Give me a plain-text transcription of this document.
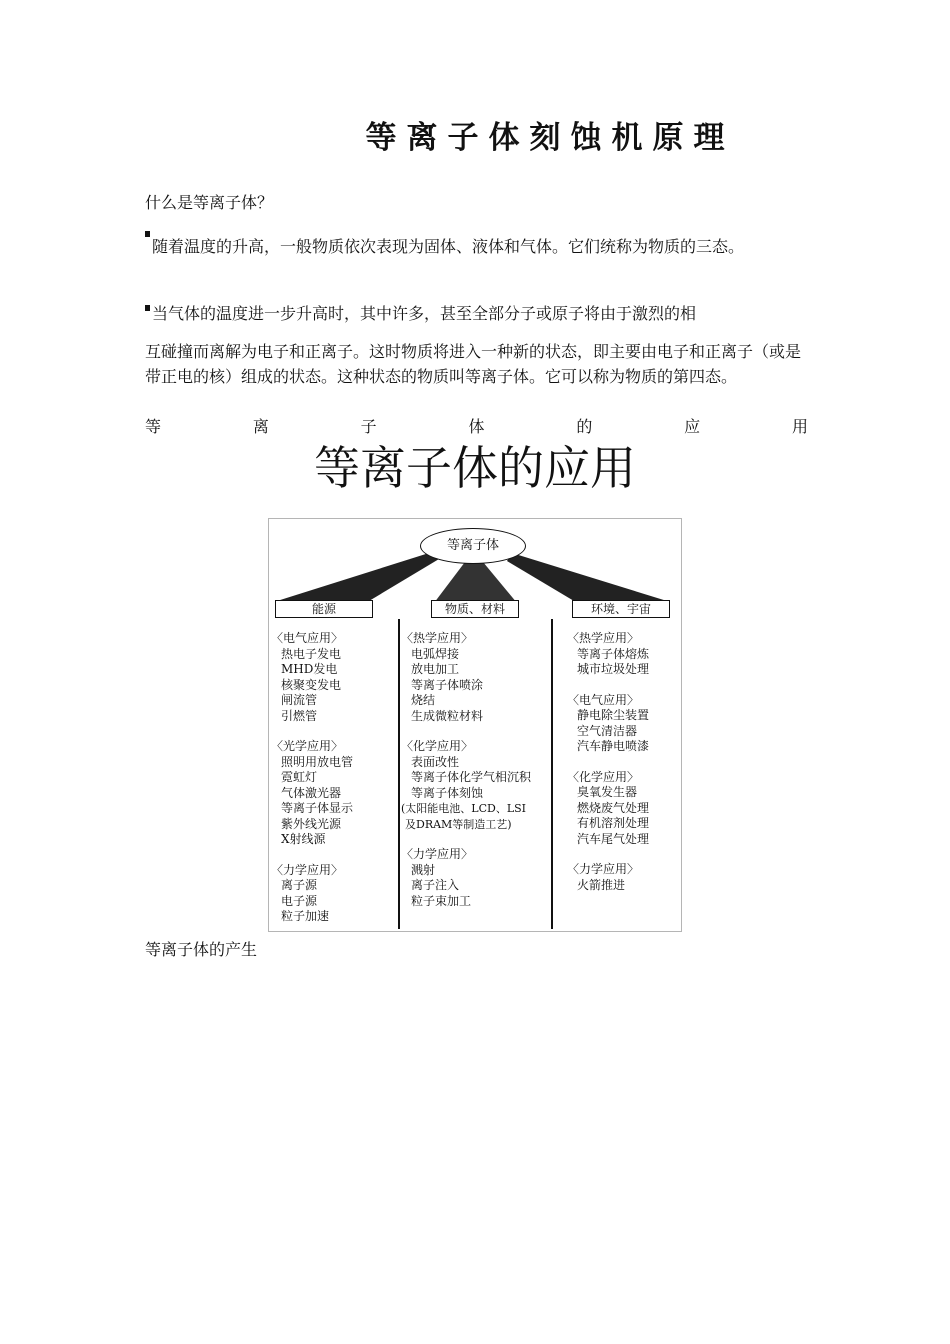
等离子体刻蚀机原理
什么是等离子体？
随着温度的升高，一般物质依次表现为固体、液体和气体。它们统称为物质的三态。
当气体的温度进一步升高时，其中许多，甚至全部分子或原子将由于激烈的相
互碰撞而离解为电子和正离子。这时物质将进入一种新的状态，即主要由电子和正离子（或是带正电的核）组成的状态。这种状态的物质叫等离子体。它可以称为物质的第四态。
等	离	子	体	的	应	用
等离子体的应用
等离子体
能源	物质、材料	环境、宇宙
〈电气应用〉
热电子发电
MHD发电
核聚变发电
闸流管
引燃管
〈光学应用〉
照明用放电管
霓虹灯
气体激光器
等离子体显示
紫外线光源
X射线源
〈力学应用〉
离子源
电子源
粒子加速
〈热学应用〉
电弧焊接
放电加工
等离子体喷涂
烧结
生成微粒材料
〈化学应用〉
表面改性
等离子体化学气相沉积
等离子体刻蚀
(太阳能电池、LCD、LSI
及DRAM等制造工艺)
〈力学应用〉
溅射
离子注入
粒子束加工
〈热学应用〉
等离子体熔炼
城市垃圾处理
〈电气应用〉
静电除尘装置
空气清洁器
汽车静电喷漆
〈化学应用〉
臭氧发生器
燃烧废气处理
有机溶剂处理
汽车尾气处理
〈力学应用〉
火箭推进
等离子体的产生
